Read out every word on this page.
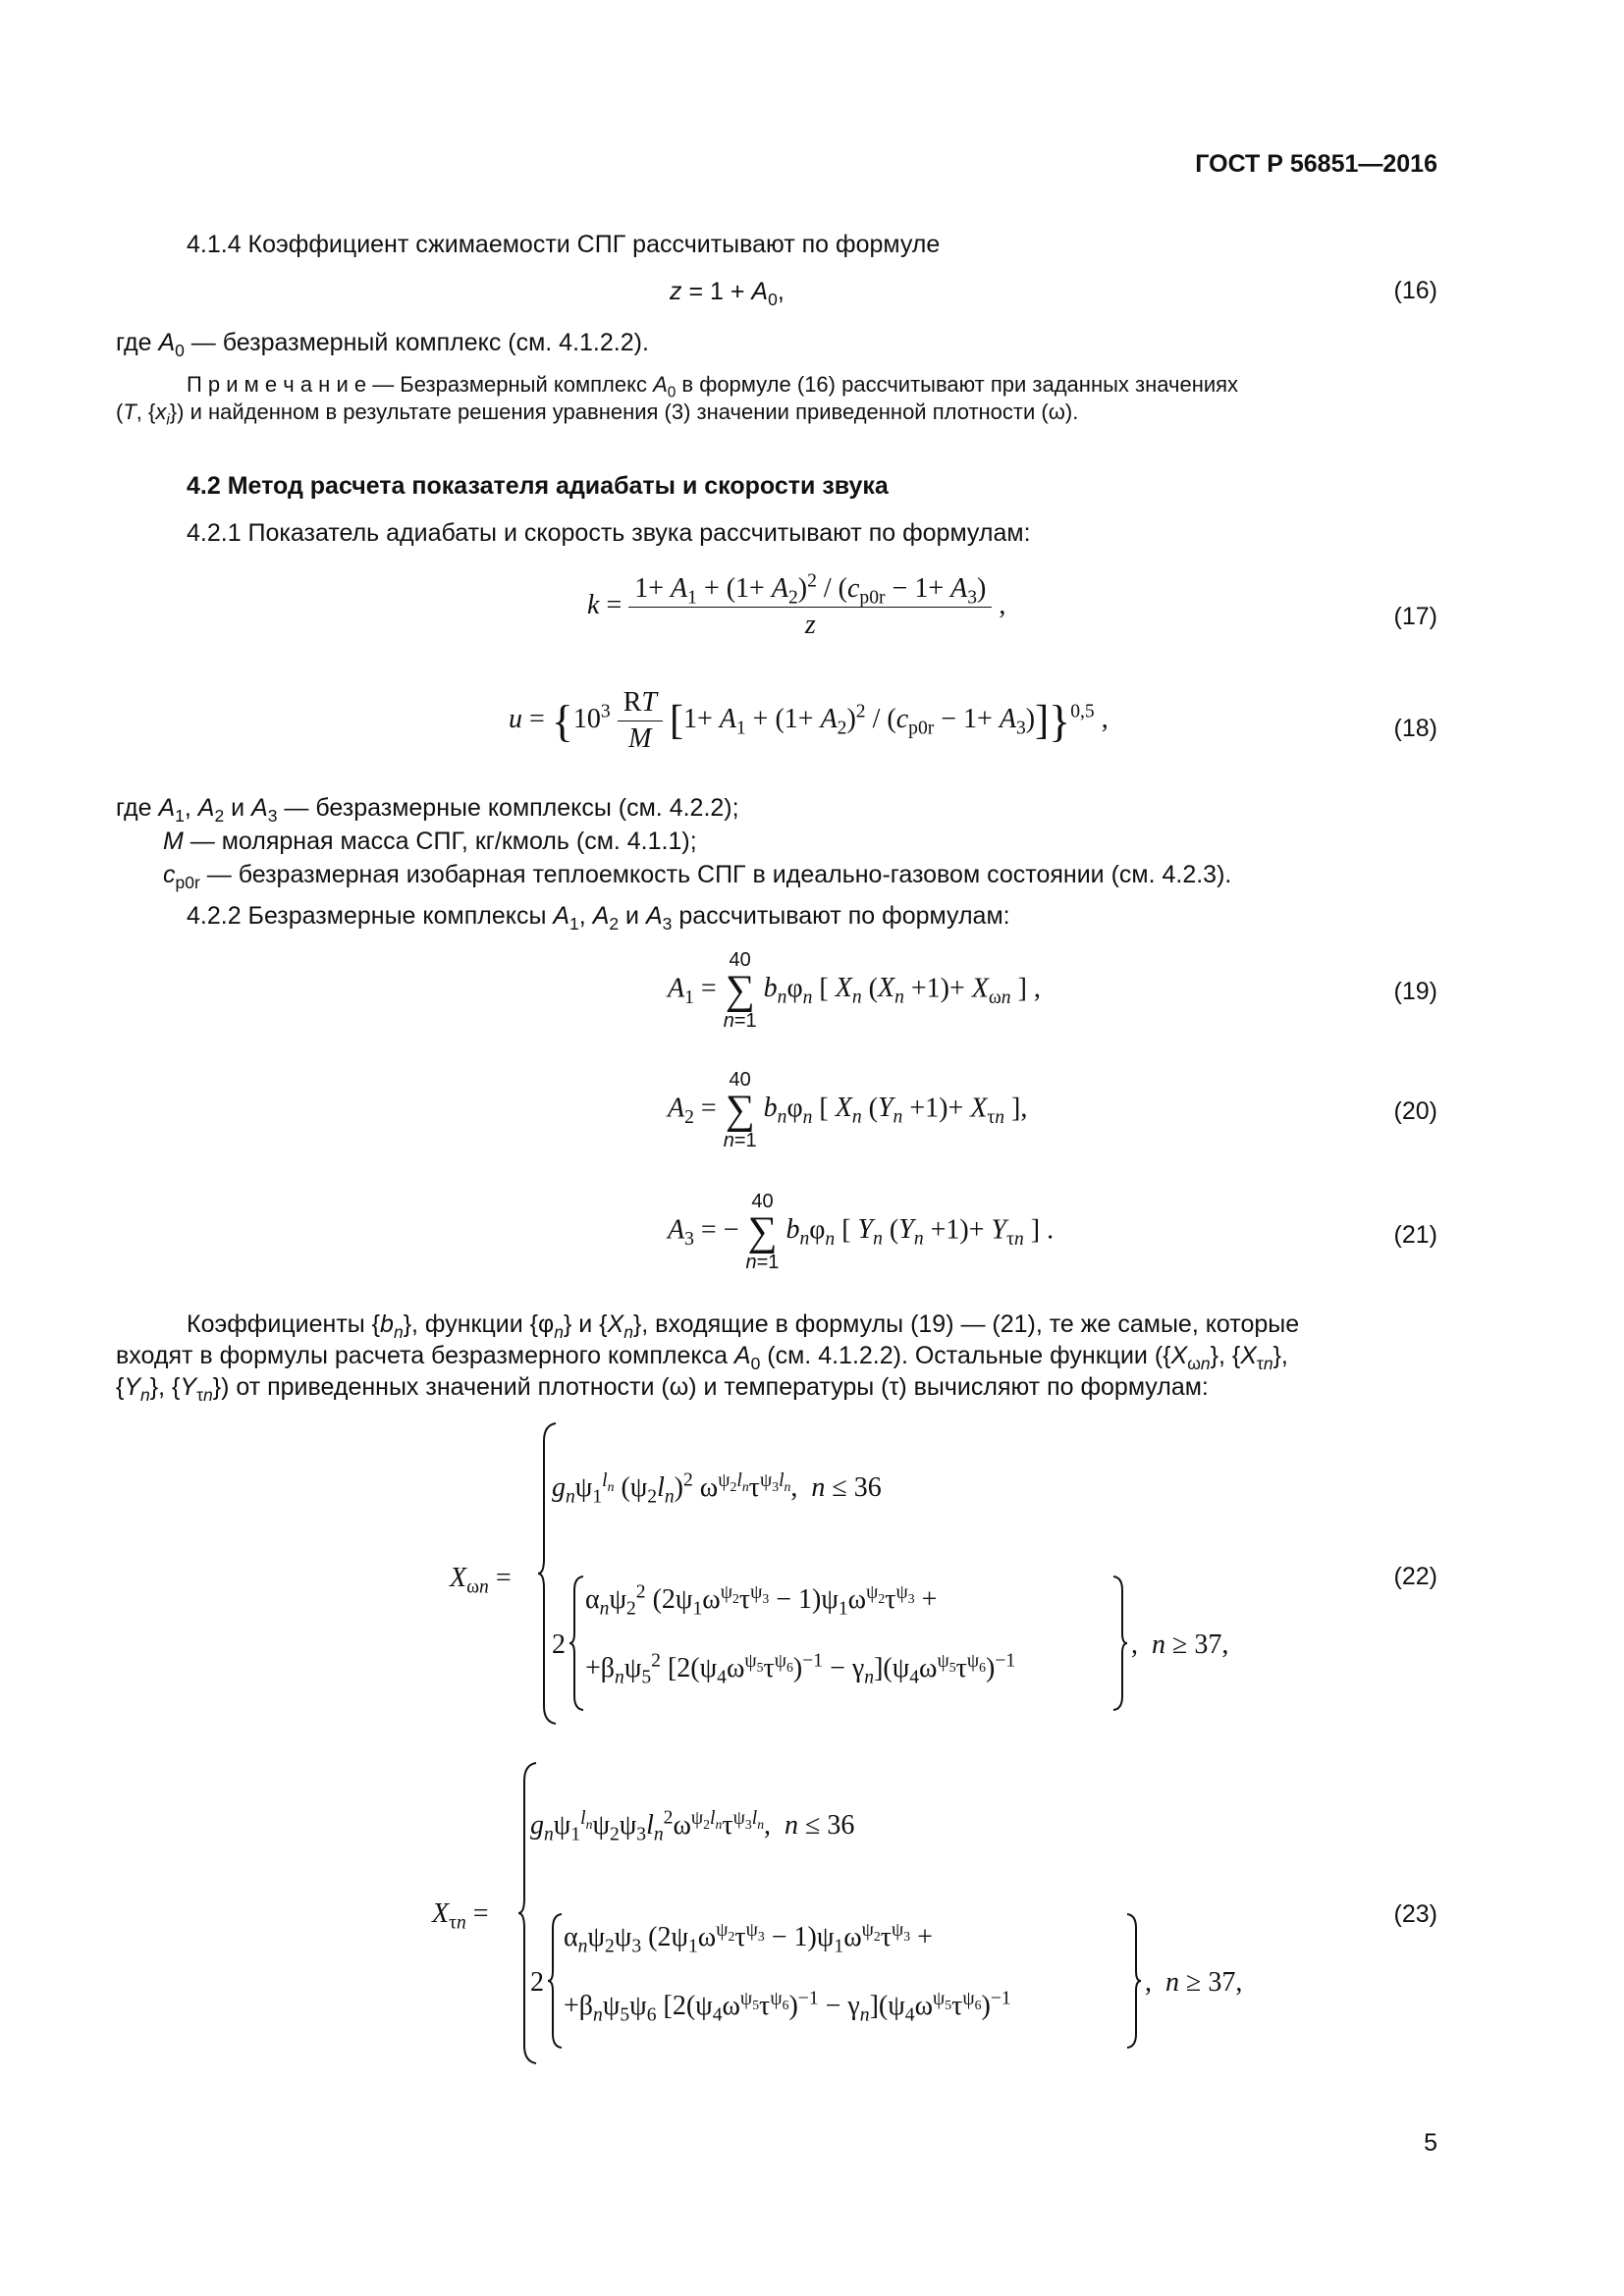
ГОСТ Р 56851—2016
4.1.4 Коэффициент сжимаемости СПГ рассчитывают по формуле
$z = 1 + A_0$,	(16)
где $A_0$ — безразмерный комплекс (см. 4.1.2.2).
П р и м е ч а н и е — Безразмерный комплекс $A_0$ в формуле (16) рассчитывают при заданных значениях
(T, $\{x_i\}$) и найденном в результате решения уравнения (3) значении приведенной плотности (ω).
4.2 Метод расчета показателя адиабаты и скорости звука
4.2.1 Показатель адиабаты и скорость звука рассчитывают по формулам:
$k = \frac{1+ A_1 + (1+ A_2)^2 / (c_{p0r} - 1+ A_3)}{z}$ ,	(17)
$u = \{10^3 \frac{RT}{M} [1+ A_1 + (1+ A_2)^2 / (c_{p0r} - 1+ A_3)]\}^{0,5}$ ,	(18)
где $A_1$, $A_2$ и $A_3$ — безразмерные комплексы (см. 4.2.2);
M — молярная масса СПГ, кг/кмоль (см. 4.1.1);
$c_{p0r}$ — безразмерная изобарная теплоемкость СПГ в идеально-газовом состоянии (см. 4.2.3).
4.2.2 Безразмерные комплексы $A_1$, $A_2$ и $A_3$ рассчитывают по формулам:
$A_1$ =
40
∑
n=1
$b_n\varphi_n$ [ $X_n$ $(X_n +1)+ X_{\omega n}$ ] ,	(19)
$A_2$ =
40
∑
n=1
$b_n\varphi_n$ [ $X_n$ $(Y_n +1)+ X_{\tau n}$ ],	(20)
$A_3$ = −
40
∑
n=1
$b_n\varphi_n$ [ $Y_n$ $(Y_n +1)+ Y_{\tau n}$ ] .	(21)
Коэффициенты $\{b_n\}$, функции $\{\varphi_n\}$ и $\{X_n\}$, входящие в формулы (19) — (21), те же самые, которые
входят в формулы расчета безразмерного комплекса $A_0$ (см. 4.1.2.2). Остальные функции ($\{X_{\omega n}\}$, $\{X_{\tau n}\}$,
$\{Y_n\}$, $\{Y_{\tau n}\}$) от приведенных значений плотности (ω) и температуры (τ) вычисляют по формулам:
$X_{\omega n}$ =
$g_n\psi_1^{l_n}$ $(\psi_2l_n)^2$ $\omega^{\psi_2l_n}\tau^{\psi_3l_n}$,  n ≤ 36
2
$\alpha_n\psi_2^2$ $(2\psi_1\omega^{\psi_2}\tau^{\psi_3} - 1)\psi_1\omega^{\psi_2}\tau^{\psi_3}$ +
$+\beta_n\psi_5^2$ $[2(\psi_4\omega^{\psi_5}\tau^{\psi_6})^{-1} - \gamma_n](\psi_4\omega^{\psi_5}\tau^{\psi_6})^{-1}$
,  n ≥ 37,
(22)
$X_{\tau n}$ =
$g_n\psi_1^{l_n}\psi_2\psi_3l_n^2\omega^{\psi_2l_n}\tau^{\psi_3l_n}$,  n ≤ 36
2
$\alpha_n\psi_2\psi_3$ $(2\psi_1\omega^{\psi_2}\tau^{\psi_3} - 1)\psi_1\omega^{\psi_2}\tau^{\psi_3}$ +
$+\beta_n\psi_5\psi_6$ $[2(\psi_4\omega^{\psi_5}\tau^{\psi_6})^{-1} - \gamma_n](\psi_4\omega^{\psi_5}\tau^{\psi_6})^{-1}$
,  n ≥ 37,
(23)
5
